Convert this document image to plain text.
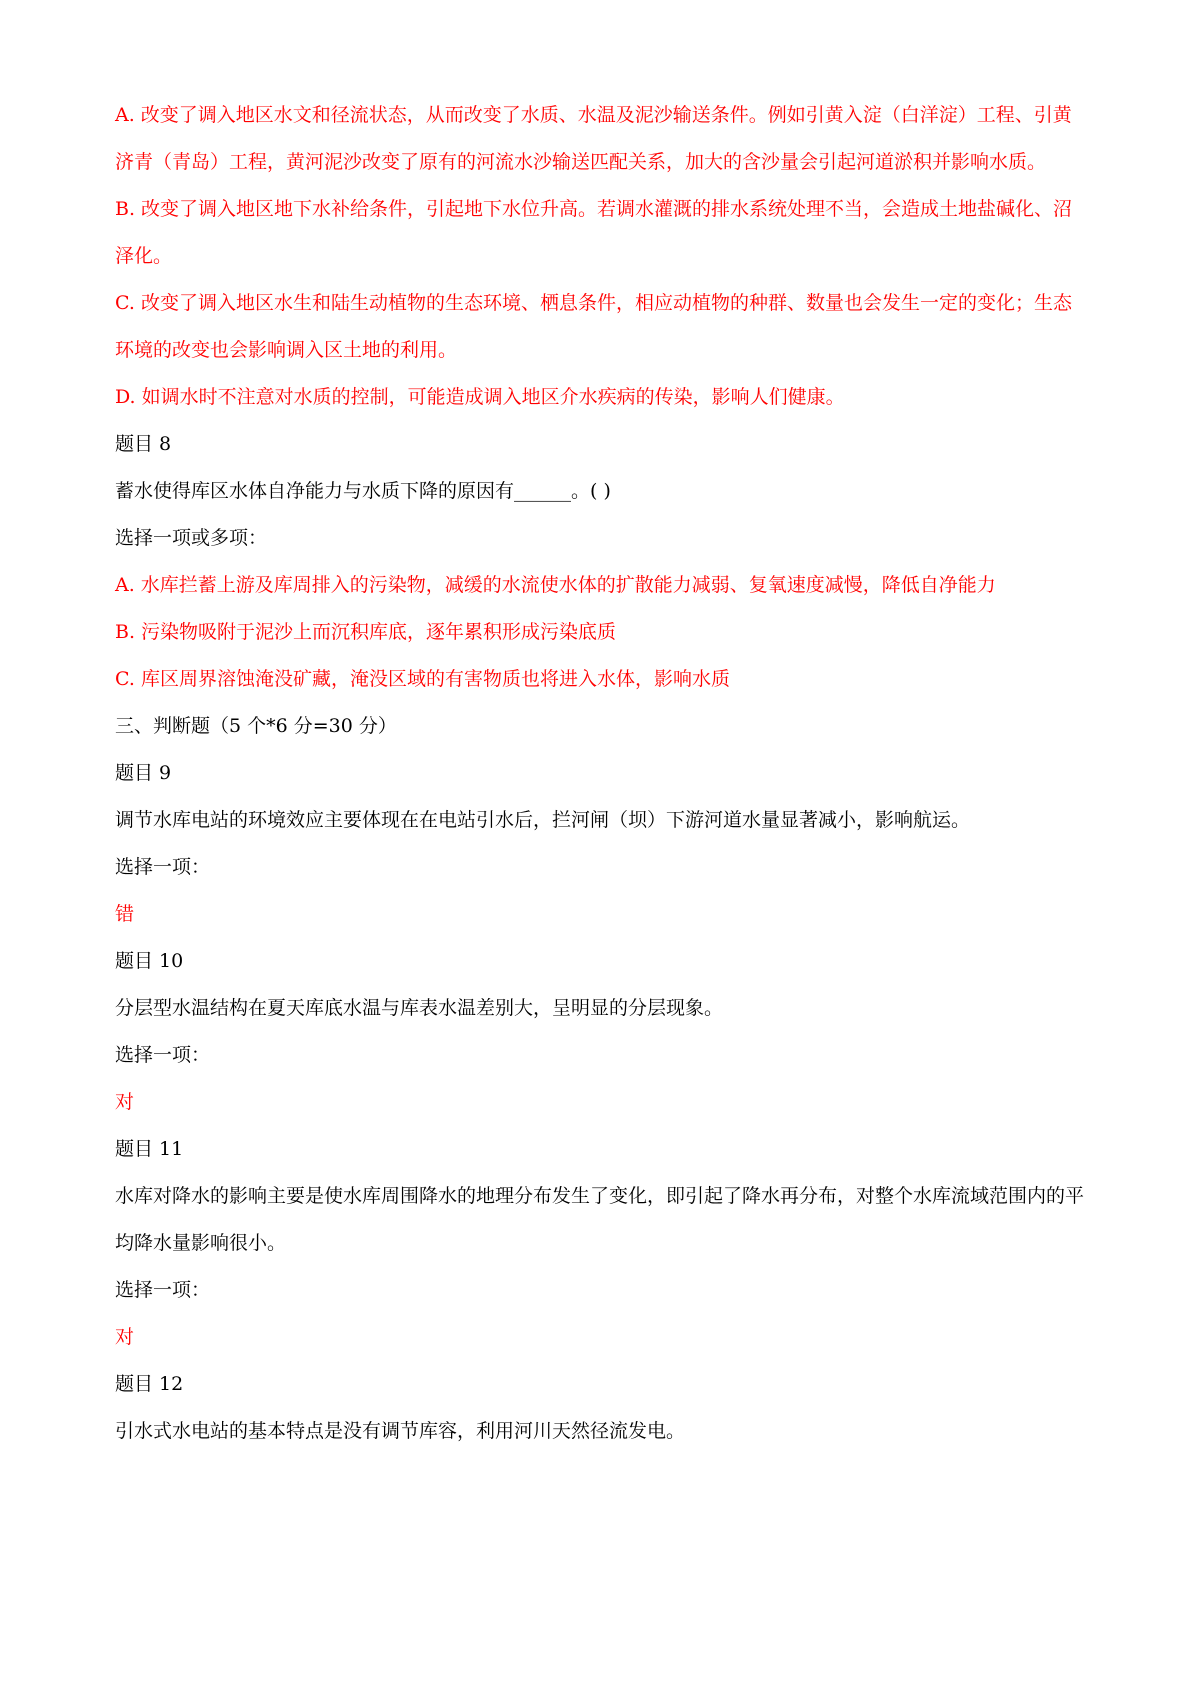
A. 改变了调入地区水文和径流状态，从而改变了水质、水温及泥沙输送条件。例如引黄入淀（白洋淀）工程、引黄济青（青岛）工程，黄河泥沙改变了原有的河流水沙输送匹配关系，加大的含沙量会引起河道淤积并影响水质。
B. 改变了调入地区地下水补给条件，引起地下水位升高。若调水灌溉的排水系统处理不当，会造成土地盐碱化、沼泽化。
C. 改变了调入地区水生和陆生动植物的生态环境、栖息条件，相应动植物的种群、数量也会发生一定的变化；生态环境的改变也会影响调入区土地的利用。
D. 如调水时不注意对水质的控制，可能造成调入地区介水疾病的传染，影响人们健康。
题目 8
蓄水使得库区水体自净能力与水质下降的原因有______。( )
选择一项或多项：
A. 水库拦蓄上游及库周排入的污染物，减缓的水流使水体的扩散能力减弱、复氧速度减慢，降低自净能力
B. 污染物吸附于泥沙上而沉积库底，逐年累积形成污染底质
C. 库区周界溶蚀淹没矿藏，淹没区域的有害物质也将进入水体，影响水质
三、判断题（5 个*6 分=30 分）
题目 9
调节水库电站的环境效应主要体现在在电站引水后，拦河闸（坝）下游河道水量显著减小，影响航运。
选择一项：
错
题目 10
分层型水温结构在夏天库底水温与库表水温差别大，呈明显的分层现象。
选择一项：
对
题目 11
水库对降水的影响主要是使水库周围降水的地理分布发生了变化，即引起了降水再分布，对整个水库流域范围内的平均降水量影响很小。
选择一项：
对
题目 12
引水式水电站的基本特点是没有调节库容，利用河川天然径流发电。
